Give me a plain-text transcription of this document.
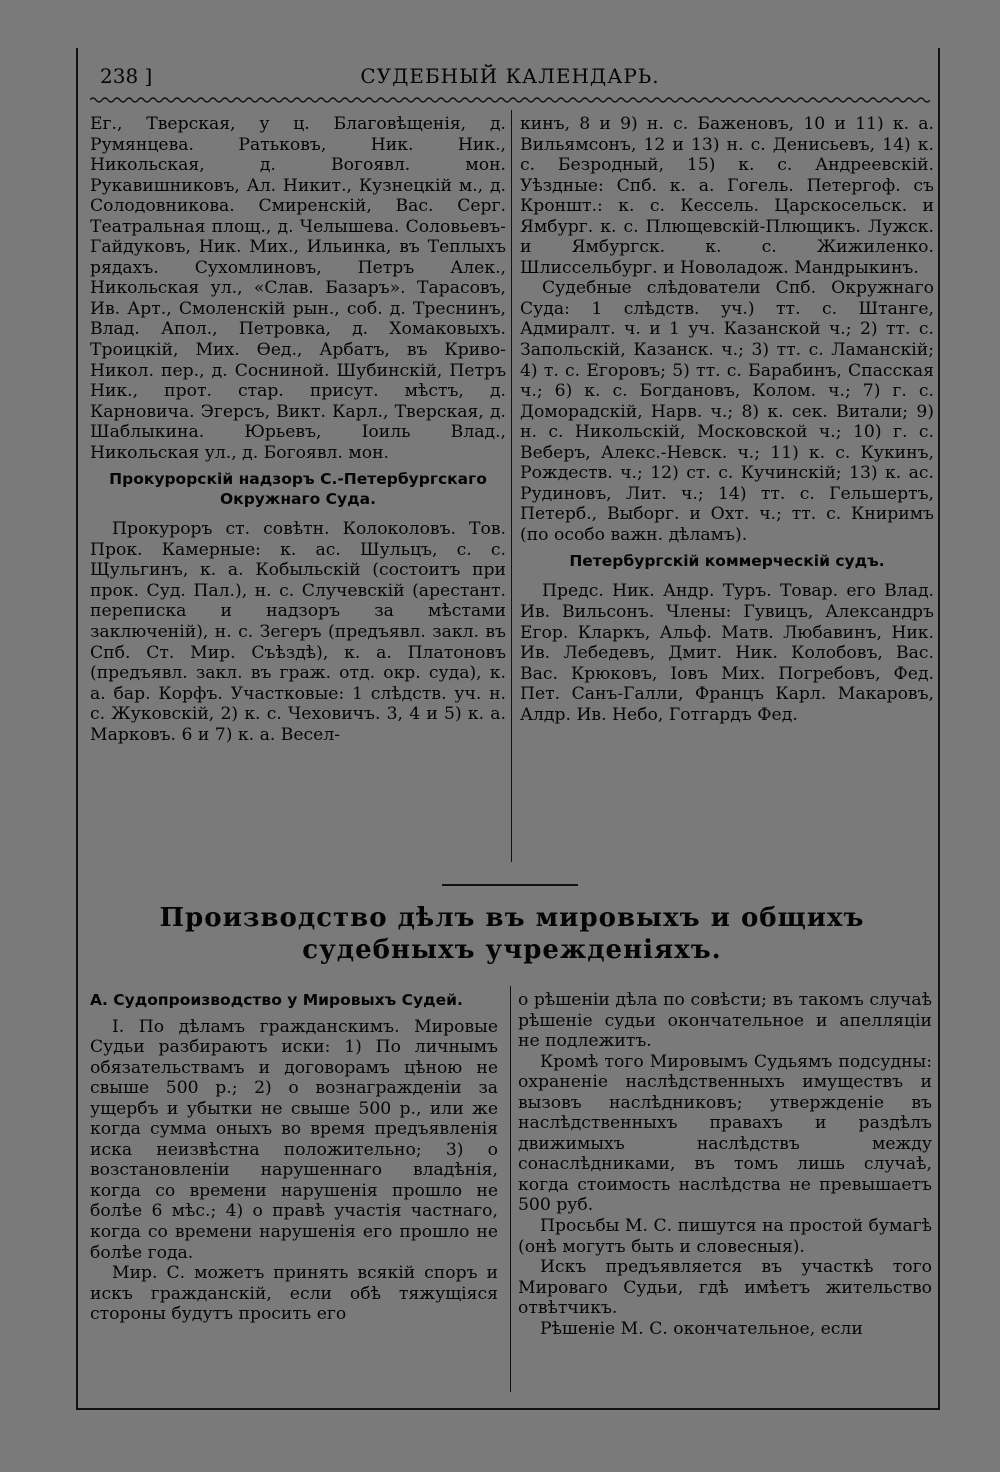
238 ]	СУДЕБНЫЙ КАЛЕНДАРЬ.

Ег., Тверская, у ц. Благовѣщенія, д. Румянцева. Ратьковъ, Ник. Ник., Никольская, д. Вогоявл. мон. Рукавишниковъ, Ал. Никит., Кузнецкій м., д. Солодовникова. Смиренскій, Вас. Серг. Театральная площ., д. Челышева. Соловьевъ-Гайдуковъ, Ник. Мих., Ильинка, въ Теплыхъ рядахъ. Сухомлиновъ, Петръ Алек., Никольская ул., «Слав. Базаръ». Тарасовъ, Ив. Арт., Смоленскій рын., соб. д. Треснинъ, Влад. Апол., Петровка, д. Хомаковыхъ. Троицкій, Мих. Ѳед., Арбатъ, въ Криво-Никол. пер., д. Сосниной. Шубинскій, Петръ Ник., прот. стар. присут. мѣстъ, д. Карновича. Эгерсъ, Викт. Карл., Тверская, д. Шаблыкина. Юрьевъ, Іоиль Влад., Никольская ул., д. Богоявл. мон.

Прокурорскій надзоръ С.-Петербургскаго Окружнаго Суда.

Прокуроръ ст. совѣтн. Колоколовъ. Тов. Прок. Камерные: к. ас. Шульцъ, с. с. Щульгинъ, к. а. Кобыльскій (состоитъ при прок. Суд. Пал.), н. с. Случевскій (арестант. переписка и надзоръ за мѣстами заключеній), н. с. Зегеръ (предъявл. закл. въ Спб. Ст. Мир. Съѣздѣ), к. а. Платоновъ (предъявл. закл. въ граж. отд. окр. суда), к. а. бар. Корфъ. Участковые: 1 слѣдств. уч. н. с. Жуковскій, 2) к. с. Чеховичъ. 3, 4 и 5) к. а. Марковъ. 6 и 7) к. а. Весел-

кинъ, 8 и 9) н. с. Баженовъ, 10 и 11) к. а. Вильямсонъ, 12 и 13) н. с. Денисьевъ, 14) к. с. Безродный, 15) к. с. Андреевскій. Уѣздные: Спб. к. а. Гогель. Петергоф. съ Кроншт.: к. с. Кессель. Царскосельск. и Ямбург. к. с. Плющевскій-Плющикъ. Лужск. и Ямбургск. к. с. Жижиленко. Шлиссельбург. и Новоладож. Мандрыкинъ.

Судебные слѣдователи Спб. Окружнаго Суда: 1 слѣдств. уч.) тт. с. Штанге, Адмиралт. ч. и 1 уч. Казанской ч.; 2) тт. с. Запольскій, Казанск. ч.; 3) тт. с. Ламанскій; 4) т. с. Егоровъ; 5) тт. с. Барабинъ, Спасская ч.; 6) к. с. Богдановъ, Колом. ч.; 7) г. с. Доморадскій, Нарв. ч.; 8) к. сек. Витали; 9) н. с. Никольскій, Московской ч.; 10) г. с. Веберъ, Алекс.-Невск. ч.; 11) к. с. Кукинъ, Рождеств. ч.; 12) ст. с. Кучинскій; 13) к. ас. Рудиновъ, Лит. ч.; 14) тт. с. Гельшертъ, Петерб., Выборг. и Охт. ч.; тт. с. Книримъ (по особо важн. дѣламъ).

Петербургскій коммерческій судъ.

Предс. Ник. Андр. Туръ. Товар. его Влад. Ив. Вильсонъ. Члены: Гувицъ, Александръ Егор. Кларкъ, Альф. Матв. Любавинъ, Ник. Ив. Лебедевъ, Дмит. Ник. Колобовъ, Вас. Вас. Крюковъ, Іовъ Мих. Погребовъ, Фед. Пет. Санъ-Галли, Францъ Карл. Макаровъ, Алдр. Ив. Небо, Готгардъ Фед.

Производство дѣлъ въ мировыхъ и общихъ судебныхъ учрежденіяхъ.
А. Судопроизводство у Мировыхъ Судей.

I. По дѣламъ гражданскимъ. Мировые Судьи разбираютъ иски: 1) По личнымъ обязательствамъ и договорамъ цѣною не свыше 500 р.; 2) о вознагражденіи за ущербъ и убытки не свыше 500 р., или же когда сумма оныхъ во время предъявленія иска неизвѣстна положительно; 3) о возстановленіи нарушеннаго владѣнія, когда со времени нарушенія прошло не болѣе 6 мѣс.; 4) о правѣ участія частнаго, когда со времени нарушенія его прошло не болѣе года.

Мир. С. можетъ принять всякій споръ и искъ гражданскій, если обѣ тяжущіяся стороны будутъ просить его

о рѣшеніи дѣла по совѣсти; въ такомъ случаѣ рѣшеніе судьи окончательное и апелляціи не подлежитъ.

Кромѣ того Мировымъ Судьямъ подсудны: охраненіе наслѣдственныхъ имуществъ и вызовъ наслѣдниковъ; утвержденіе въ наслѣдственныхъ правахъ и раздѣлъ движимыхъ наслѣдствъ между сонаслѣдниками, въ томъ лишь случаѣ, когда стоимость наслѣдства не превышаетъ 500 руб.

Просьбы М. С. пишутся на простой бумагѣ (онѣ могутъ быть и словесныя).

Искъ предъявляется въ участкѣ того Мироваго Судьи, гдѣ имѣетъ жительство отвѣтчикъ.

Рѣшеніе М. С. окончательное, если
